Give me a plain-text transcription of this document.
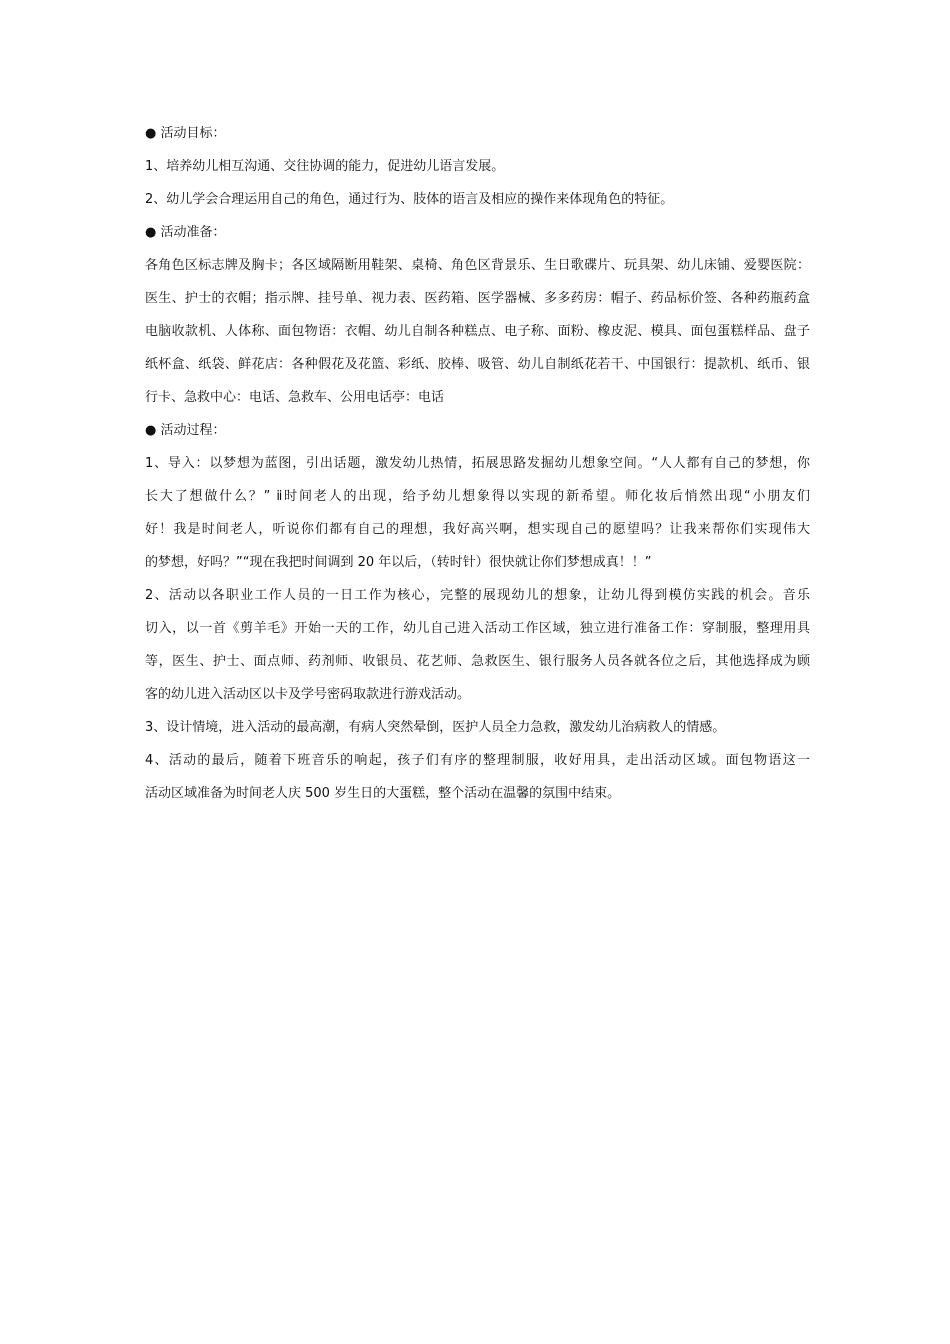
● 活动目标：
1、培养幼儿相互沟通、交往协调的能力，促进幼儿语言发展。
2、幼儿学会合理运用自己的角色，通过行为、肢体的语言及相应的操作来体现角色的特征。
● 活动准备：
各角色区标志牌及胸卡；各区域隔断用鞋架、桌椅、角色区背景乐、生日歌碟片、玩具架、幼儿床铺、爱婴医院：
医生、护士的衣帽；指示牌、挂号单、视力表、医药箱、医学器械、多多药房：帽子、药品标价签、各种药瓶药盒
电脑收款机、人体称、面包物语：衣帽、幼儿自制各种糕点、电子称、面粉、橡皮泥、模具、面包蛋糕样品、盘子
纸杯盒、纸袋、鲜花店：各种假花及花篮、彩纸、胶棒、吸管、幼儿自制纸花若干、中国银行：提款机、纸币、银
行卡、急救中心：电话、急救车、公用电话亭：电话
● 活动过程：
1、导入：以梦想为蓝图，引出话题，激发幼儿热情，拓展思路发掘幼儿想象空间。“人人都有自己的梦想，你
长大了想做什么？” ⅱ时间老人的出现，给予幼儿想象得以实现的新希望。师化妆后悄然出现“小朋友们
好！我是时间老人，听说你们都有自己的理想，我好高兴啊，想实现自己的愿望吗？让我来帮你们实现伟大
的梦想，好吗？”“现在我把时间调到 20 年以后，（转时针）很快就让你们梦想成真！！”
2、活动以各职业工作人员的一日工作为核心，完整的展现幼儿的想象，让幼儿得到模仿实践的机会。音乐
切入，以一首《剪羊毛》开始一天的工作，幼儿自己进入活动工作区域，独立进行准备工作：穿制服，整理用具
等，医生、护士、面点师、药剂师、收银员、花艺师、急救医生、银行服务人员各就各位之后，其他选择成为顾
客的幼儿进入活动区以卡及学号密码取款进行游戏活动。
3、设计情境，进入活动的最高潮，有病人突然晕倒，医护人员全力急救，激发幼儿治病救人的情感。
4、活动的最后，随着下班音乐的响起，孩子们有序的整理制服，收好用具，走出活动区域。面包物语这一
活动区域准备为时间老人庆 500 岁生日的大蛋糕，整个活动在温馨的氛围中结束。
